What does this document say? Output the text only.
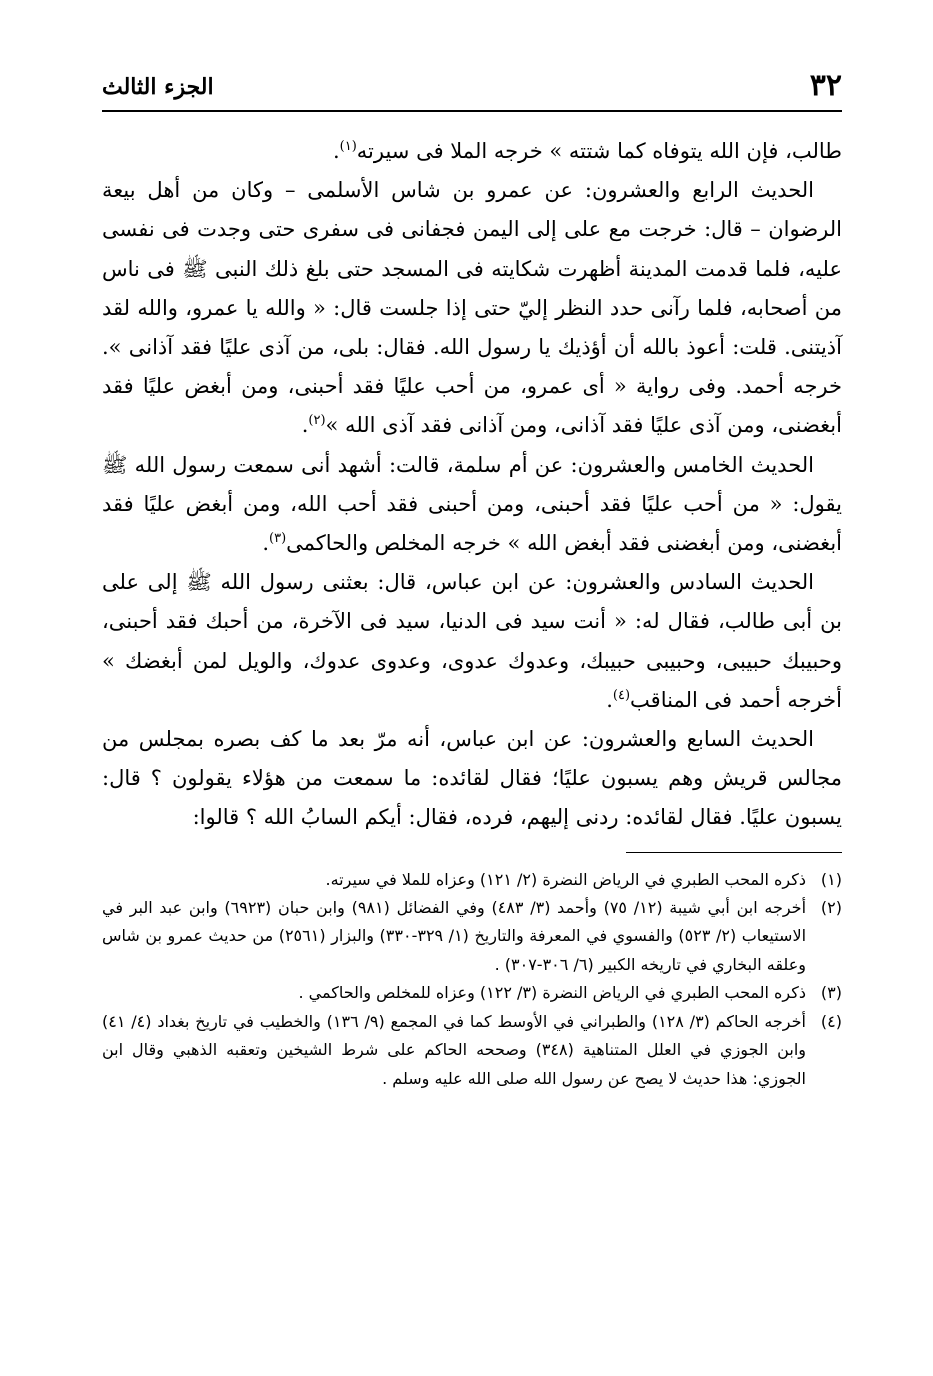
٣٢
الجزء الثالث

طالب، فإن الله يتوفاه كما شتته » خرجه الملا فى سيرته$^{(١)}$.

الحديث الرابع والعشرون: عن عمرو بن شاس الأسلمى – وكان من أهل بيعة الرضوان – قال: خرجت مع على إلى اليمن فجفانى فى سفرى حتى وجدت فى نفسى عليه، فلما قدمت المدينة أظهرت شكايته فى المسجد حتى بلغ ذلك النبى ﷺ فى ناس من أصحابه، فلما رآنى حدد النظر إليّ حتى إذا جلست قال: « والله يا عمرو، والله لقد آذيتنى. قلت: أعوذ بالله أن أؤذيك يا رسول الله. فقال: بلى، من آذى عليًا فقد آذانى ». خرجه أحمد. وفى رواية « أى عمرو، من أحب عليًا فقد أحبنى، ومن أبغض عليًا فقد أبغضنى، ومن آذى عليًا فقد آذانى، ومن آذانى فقد آذى الله »$^{(٢)}$.

الحديث الخامس والعشرون: عن أم سلمة، قالت: أشهد أنى سمعت رسول الله ﷺ يقول: « من أحب عليًا فقد أحبنى، ومن أحبنى فقد أحب الله، ومن أبغض عليًا فقد أبغضنى، ومن أبغضنى فقد أبغض الله » خرجه المخلص والحاكمى$^{(٣)}$.

الحديث السادس والعشرون: عن ابن عباس، قال: بعثنى رسول الله ﷺ إلى على بن أبى طالب، فقال له: « أنت سيد فى الدنيا، سيد فى الآخرة، من أحبك فقد أحبنى، وحبيبك حبيبى، وحبيبى حبيبك، وعدوك عدوى، وعدوى عدوك، والويل لمن أبغضك » أخرجه أحمد فى المناقب$^{(٤)}$.

الحديث السابع والعشرون: عن ابن عباس، أنه مرّ بعد ما كف بصره بمجلس من مجالس قريش وهم يسبون عليًا؛ فقال لقائده: ما سمعت من هؤلاء يقولون ؟ قال: يسبون عليًا. فقال لقائده: ردنى إليهم، فرده، فقال: أيكم السابُ الله ؟ قالوا:

(١)
ذكره المحب الطبري في الرياض النضرة (٢/ ١٢١) وعزاه للملا في سيرته.
(٢)
أخرجه ابن أبي شيبة (١٢/ ٧٥) وأحمد (٣/ ٤٨٣) وفي الفضائل (٩٨١) وابن حبان (٦٩٢٣) وابن عبد البر في الاستيعاب (٢/ ٥٢٣) والفسوي في المعرفة والتاريخ (١/ ٣٢٩-٣٣٠) والبزار (٢٥٦١) من حديث عمرو بن شاس وعلقه البخاري في تاريخه الكبير (٦/ ٣٠٦-٣٠٧) .
(٣)
ذكره المحب الطبري في الرياض النضرة (٣/ ١٢٢) وعزاه للمخلص والحاكمي .
(٤)
أخرجه الحاكم (٣/ ١٢٨) والطبراني في الأوسط كما في المجمع (٩/ ١٣٦) والخطيب في تاريخ بغداد (٤/ ٤١) وابن الجوزي في العلل المتناهية (٣٤٨) وصححه الحاكم على شرط الشيخين وتعقبه الذهبي وقال ابن الجوزي: هذا حديث لا يصح عن رسول الله صلى الله عليه وسلم .
